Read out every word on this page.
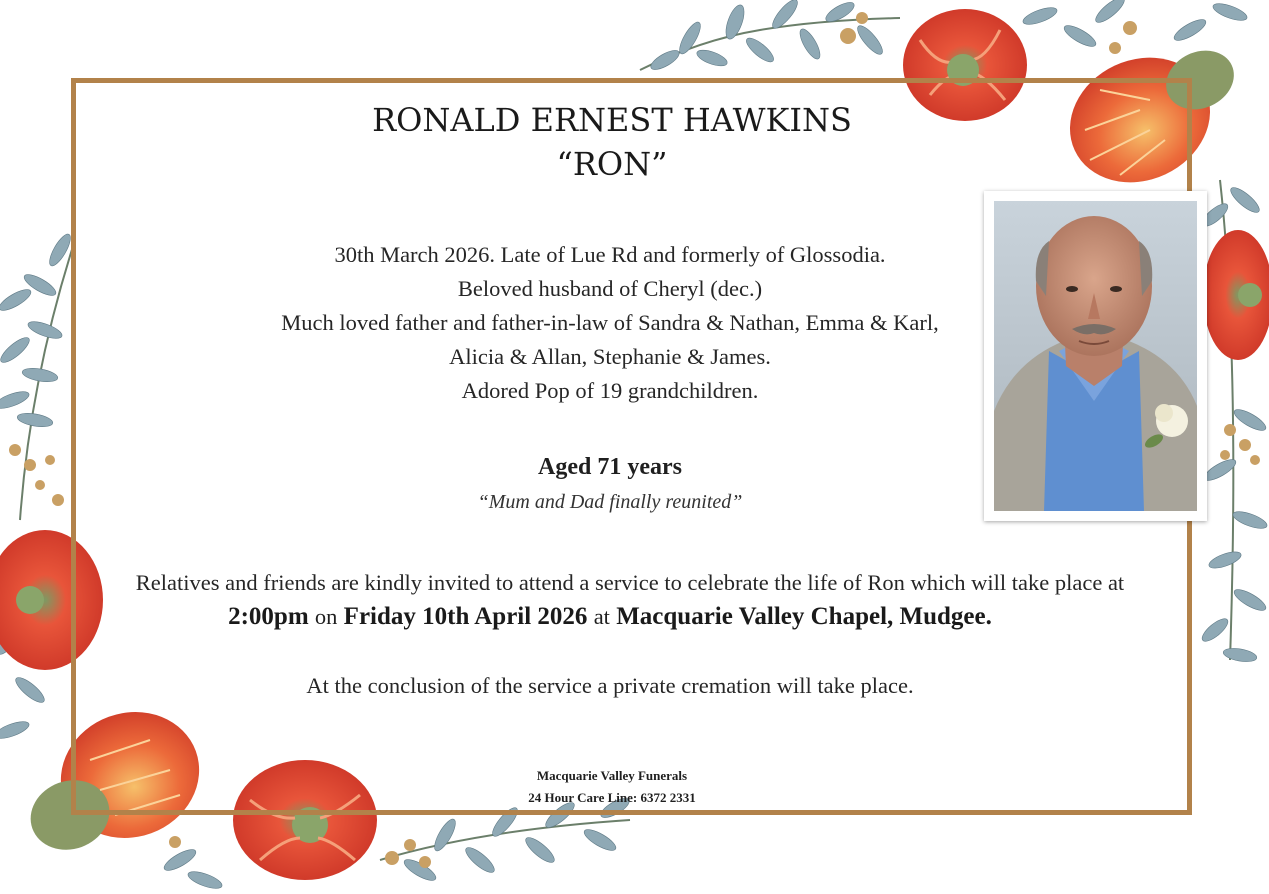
RONALD ERNEST HAWKINS
“RON”
30th March 2026. Late of Lue Rd and formerly of Glossodia.
Beloved husband of Cheryl (dec.)
Much loved father and father-in-law of Sandra & Nathan, Emma & Karl,
Alicia & Allan, Stephanie & James.
Adored Pop of 19 grandchildren.
Aged 71 years
“Mum and Dad finally reunited”
Relatives and friends are kindly invited to attend a service to celebrate the life of Ron which will take place at
2:00pm on Friday 10th April 2026 at Macquarie Valley Chapel, Mudgee.
At the conclusion of the service a private cremation will take place.
Macquarie Valley Funerals
24 Hour Care Line: 6372 2331
